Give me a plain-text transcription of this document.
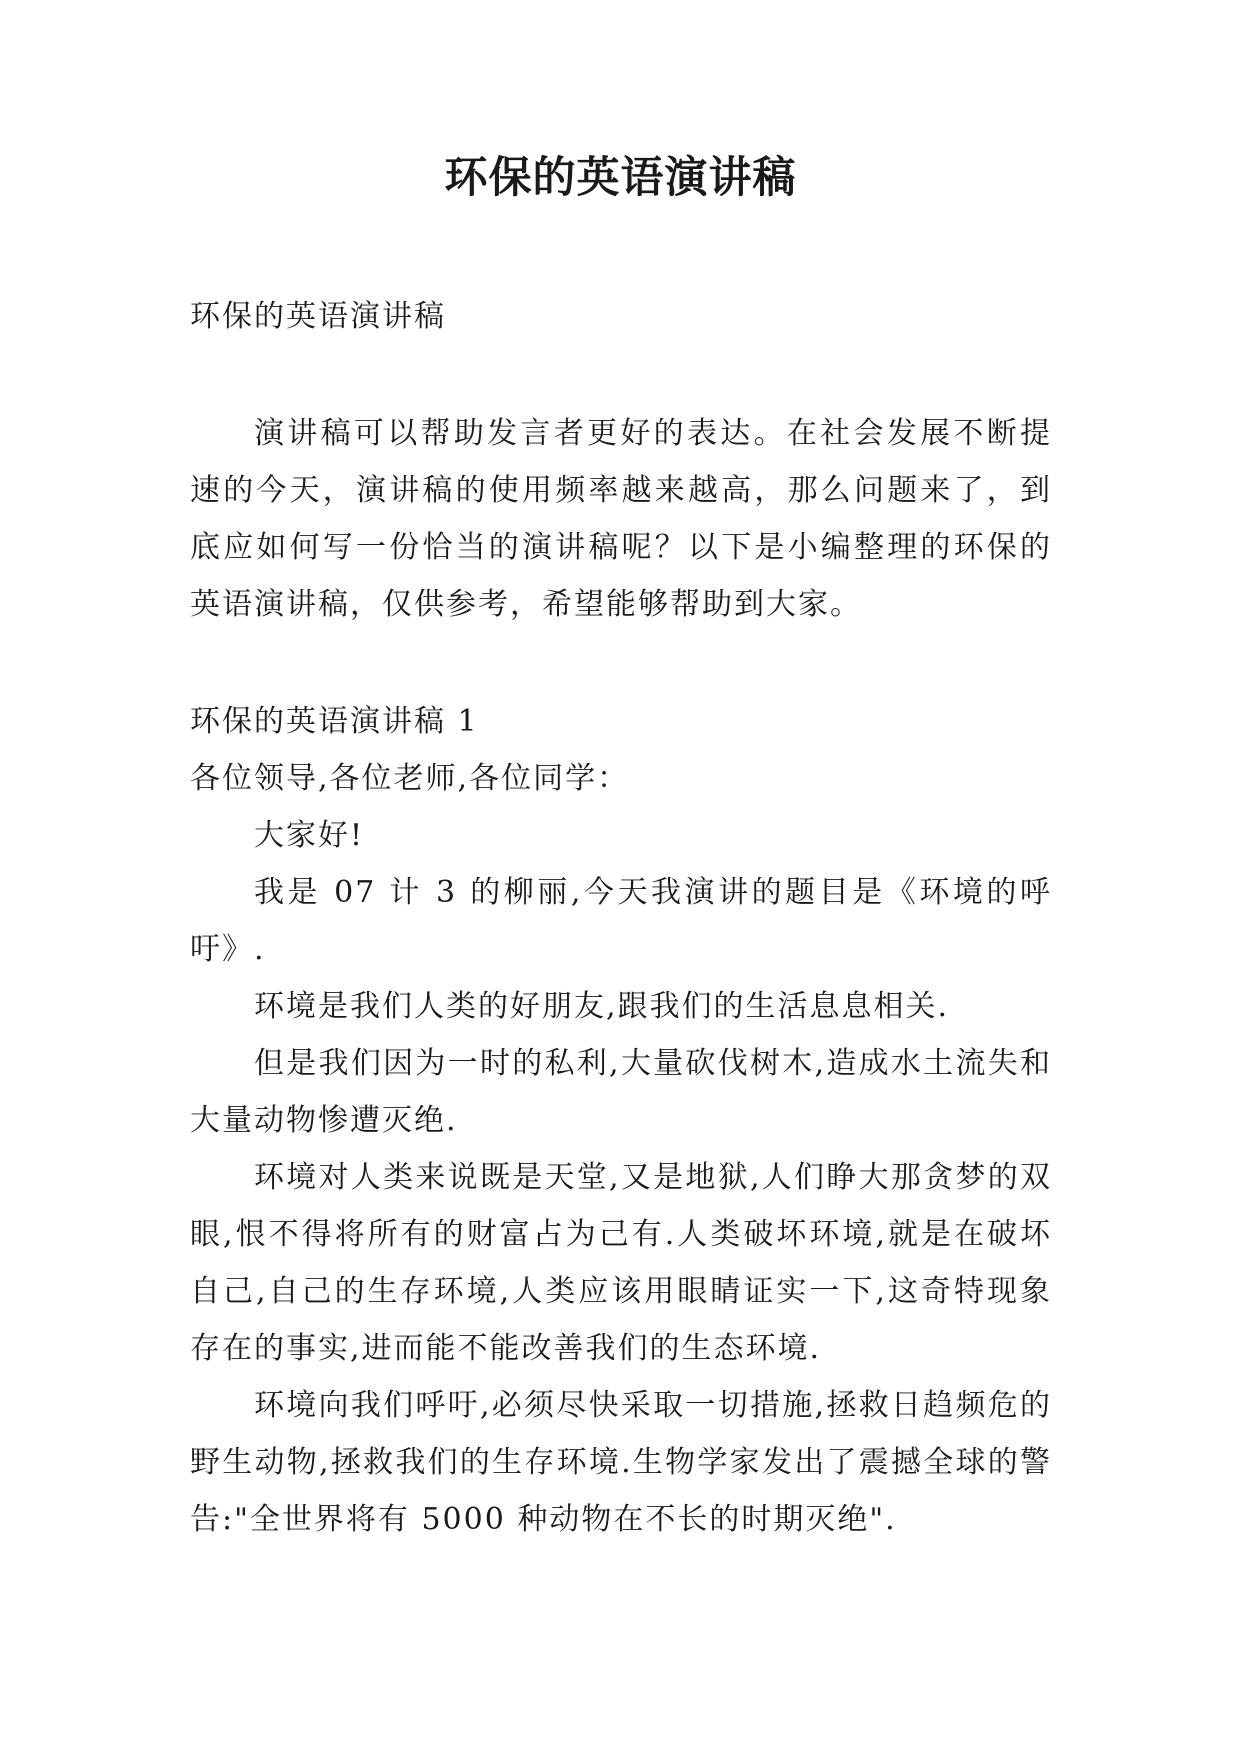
环保的英语演讲稿

环保的英语演讲稿

演讲稿可以帮助发言者更好的表达。在社会发展不断提速的今天，演讲稿的使用频率越来越高，那么问题来了，到底应如何写一份恰当的演讲稿呢？以下是小编整理的环保的英语演讲稿，仅供参考，希望能够帮助到大家。

环保的英语演讲稿 1

各位领导,各位老师,各位同学：

大家好!

我是 07 计 3 的柳丽,今天我演讲的题目是《环境的呼吁》.

环境是我们人类的好朋友,跟我们的生活息息相关.

但是我们因为一时的私利,大量砍伐树木,造成水土流失和大量动物惨遭灭绝.

环境对人类来说既是天堂,又是地狱,人们睁大那贪梦的双眼,恨不得将所有的财富占为己有.人类破坏环境,就是在破坏自己,自己的生存环境,人类应该用眼睛证实一下,这奇特现象存在的事实,进而能不能改善我们的生态环境.

环境向我们呼吁,必须尽快采取一切措施,拯救日趋频危的野生动物,拯救我们的生存环境.生物学家发出了震撼全球的警告:"全世界将有 5000 种动物在不长的时期灭绝".
